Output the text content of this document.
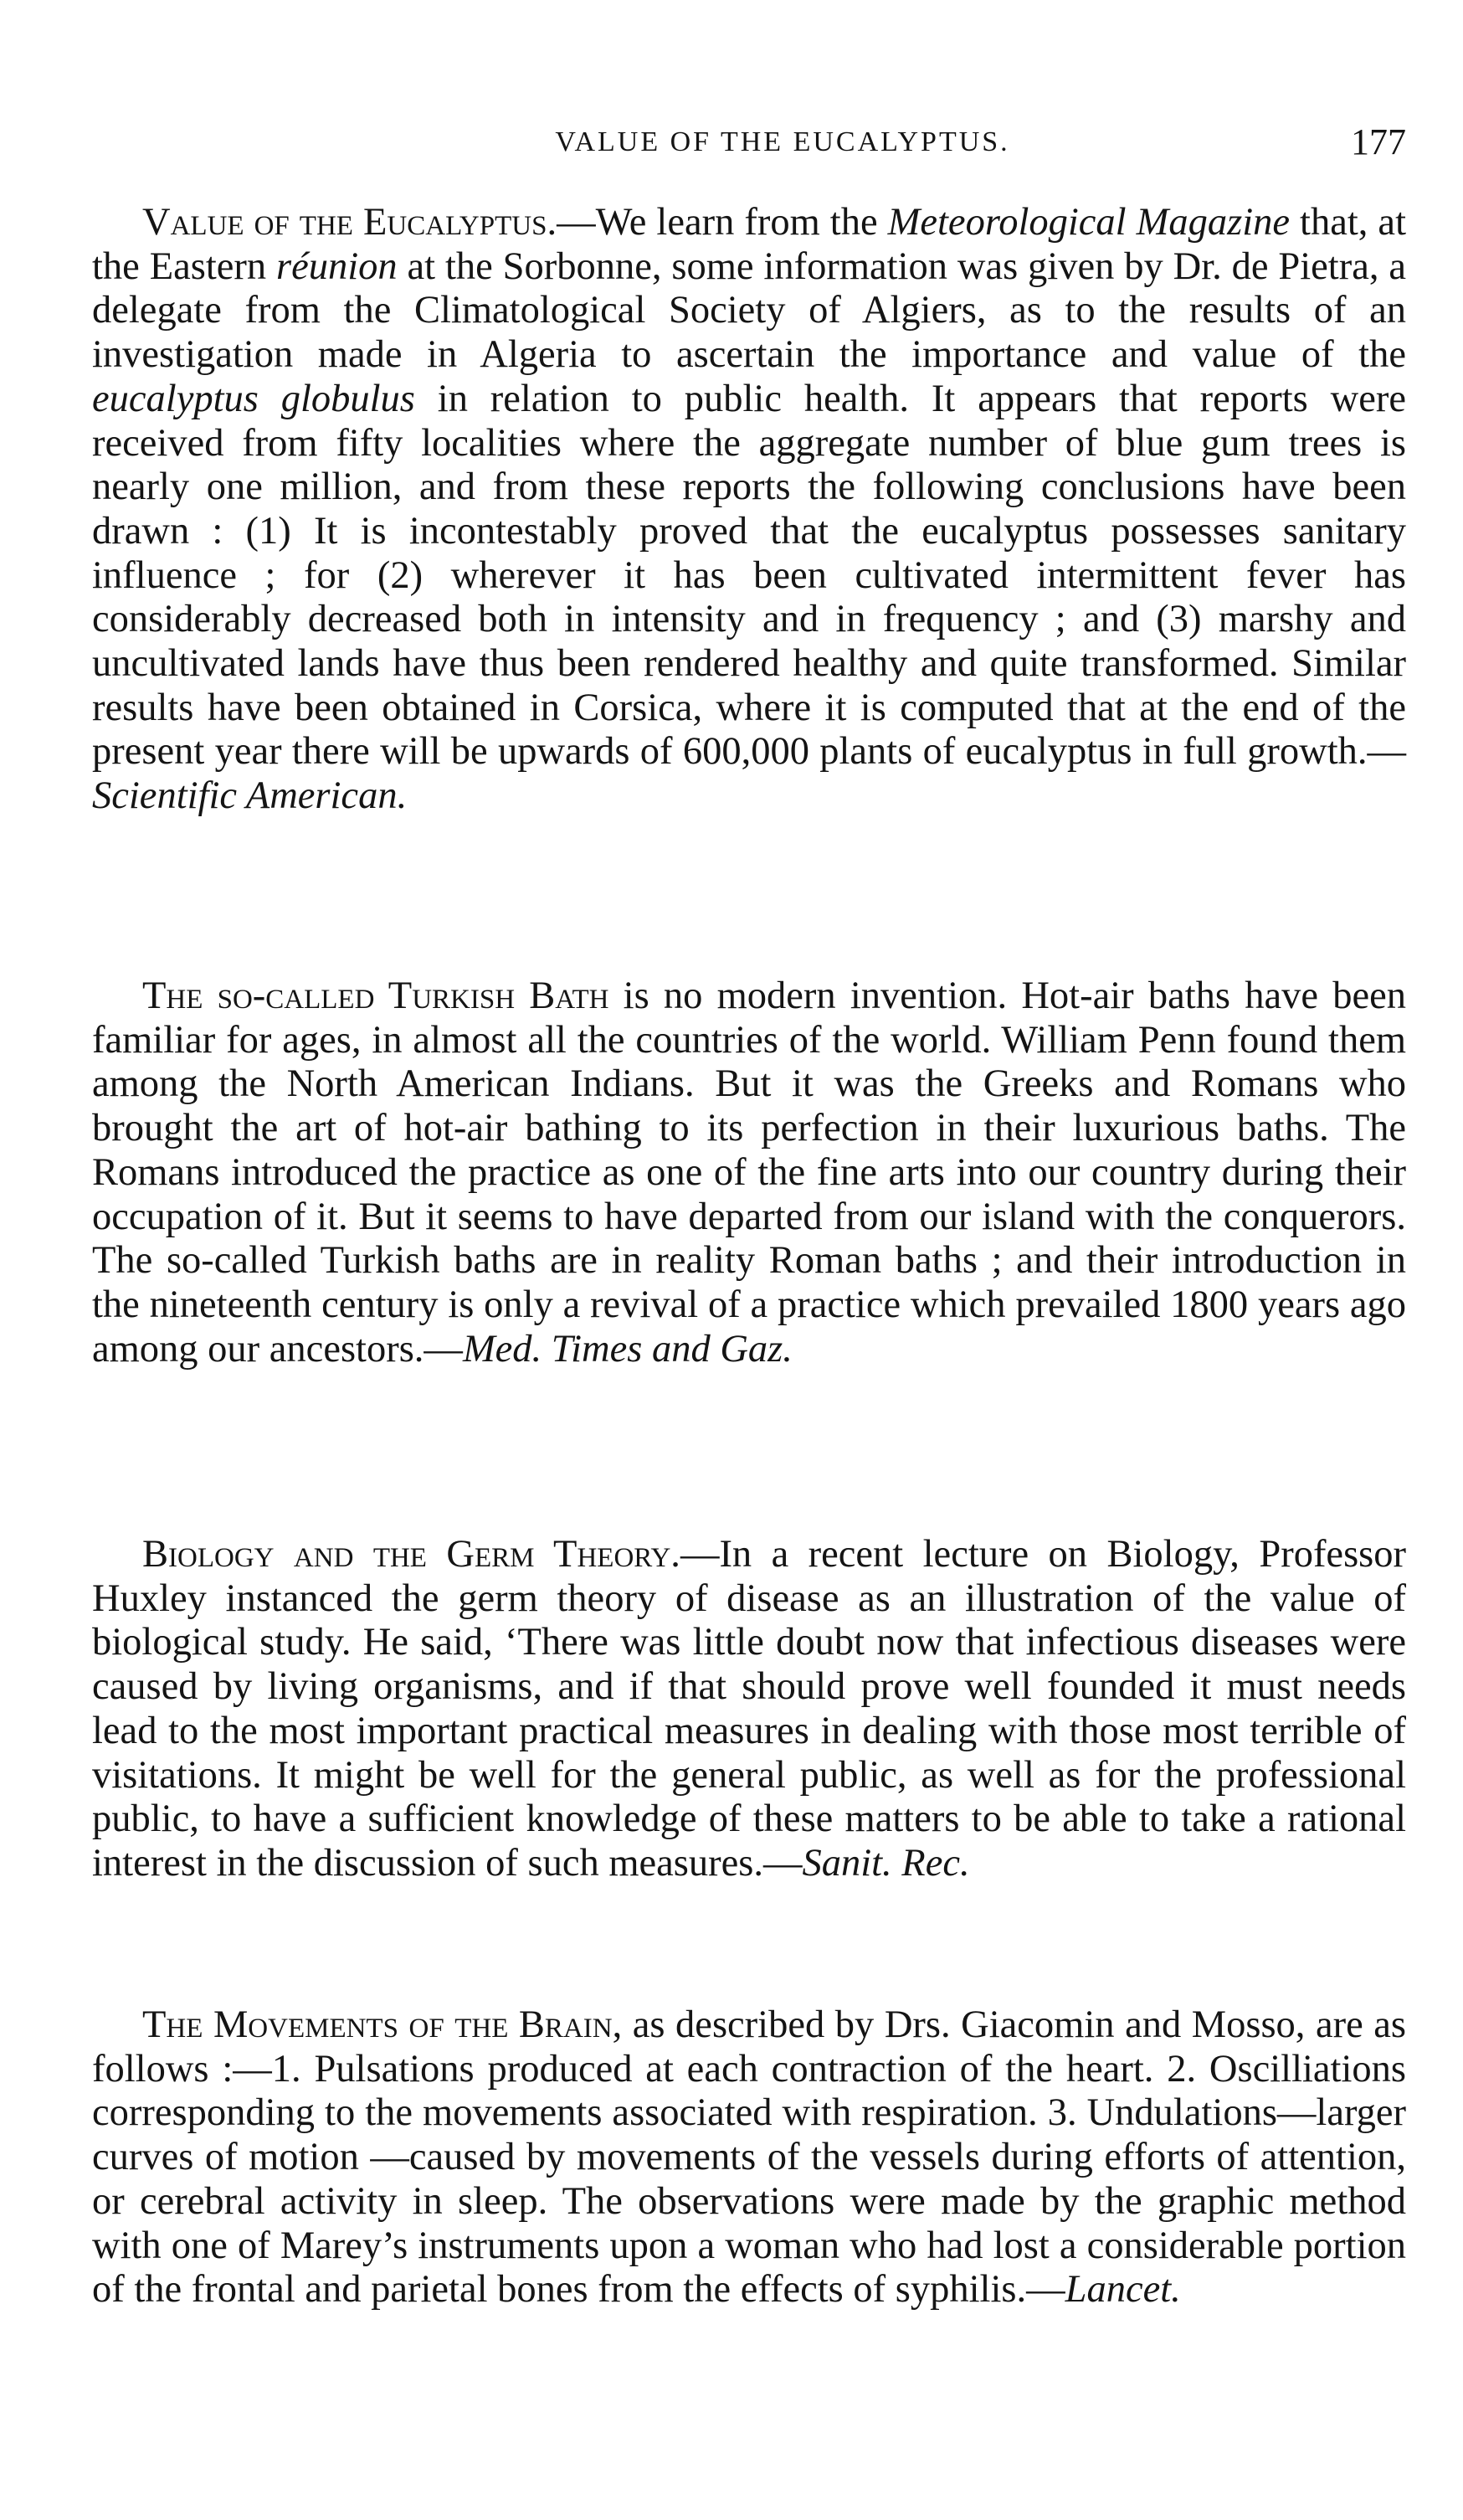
VALUE OF THE EUCALYPTUS.	177

Value of the Eucalyptus.—We learn from the Meteorological Magazine that, at the Eastern réunion at the Sorbonne, some information was given by Dr. de Pietra, a delegate from the Climatological Society of Algiers, as to the results of an investigation made in Algeria to ascertain the importance and value of the eucalyptus globulus in relation to public health. It appears that reports were received from fifty localities where the aggregate number of blue gum trees is nearly one million, and from these reports the following conclusions have been drawn : (1) It is incontestably proved that the eucalyptus possesses sanitary influence ; for (2) wherever it has been cultivated intermittent fever has considerably decreased both in intensity and in frequency ; and (3) marshy and uncultivated lands have thus been rendered healthy and quite transformed. Similar results have been obtained in Corsica, where it is computed that at the end of the present year there will be upwards of 600,000 plants of eucalyptus in full growth.—Scientific American.

The so-called Turkish Bath is no modern invention. Hot-air baths have been familiar for ages, in almost all the countries of the world. William Penn found them among the North American Indians. But it was the Greeks and Romans who brought the art of hot-air bathing to its perfection in their luxurious baths. The Romans introduced the practice as one of the fine arts into our country during their occupation of it. But it seems to have departed from our island with the conquerors. The so-called Turkish baths are in reality Roman baths ; and their introduction in the nineteenth century is only a revival of a practice which prevailed 1800 years ago among our ancestors.—Med. Times and Gaz.

Biology and the Germ Theory.—In a recent lecture on Biology, Professor Huxley instanced the germ theory of disease as an illustration of the value of biological study. He said, ‘There was little doubt now that infectious diseases were caused by living organisms, and if that should prove well founded it must needs lead to the most important practical measures in dealing with those most terrible of visitations. It might be well for the general public, as well as for the professional public, to have a sufficient knowledge of these matters to be able to take a rational interest in the discussion of such measures.—Sanit. Rec.

The Movements of the Brain, as described by Drs. Giacomin and Mosso, are as follows :—1. Pulsations produced at each contraction of the heart. 2. Oscilliations corresponding to the movements associated with respiration. 3. Undulations—larger curves of motion —caused by movements of the vessels during efforts of attention, or cerebral activity in sleep. The observations were made by the graphic method with one of Marey’s instruments upon a woman who had lost a considerable portion of the frontal and parietal bones from the effects of syphilis.—Lancet.
